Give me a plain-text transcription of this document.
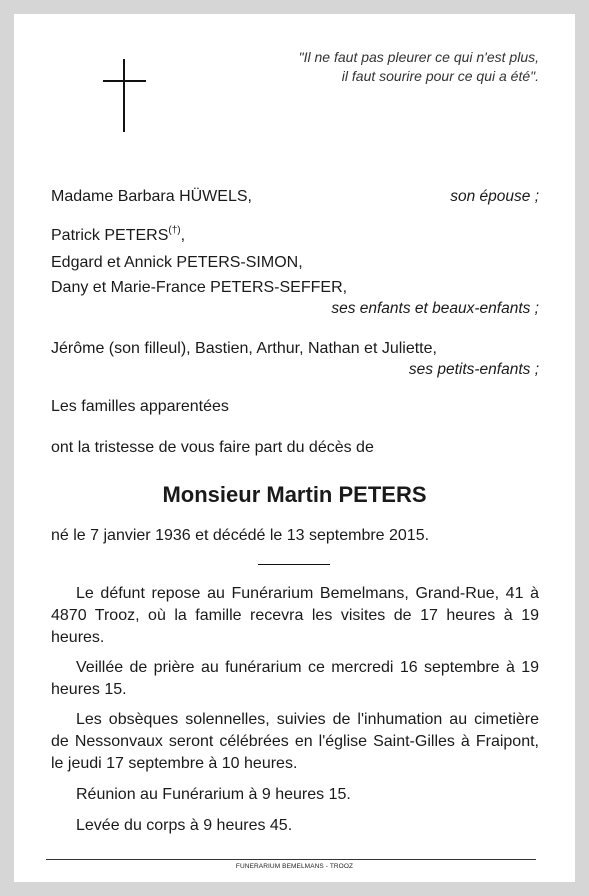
"Il ne faut pas pleurer ce qui n'est plus,
il faut sourire pour ce qui a été".
Madame Barbara HÜWELS,	son épouse ;
Patrick PETERS(†),
Edgard et Annick PETERS-SIMON,
Dany et Marie-France PETERS-SEFFER,
ses enfants et beaux-enfants ;
Jérôme (son filleul), Bastien, Arthur, Nathan et Juliette,
ses petits-enfants ;
Les familles apparentées
ont la tristesse de vous faire part du décès de
Monsieur Martin PETERS
né le 7 janvier 1936 et décédé le 13 septembre 2015.
Le défunt repose au Funérarium Bemelmans, Grand-Rue, 41 à 4870 Trooz, où la famille recevra les visites de 17 heures à 19 heures.
Veillée de prière au funérarium ce mercredi 16 septembre à 19 heures 15.
Les obsèques solennelles, suivies de l'inhumation au cimetière de Nessonvaux seront célébrées en l'église Saint-Gilles à Fraipont, le jeudi 17 septembre à 10 heures.
Réunion au Funérarium à 9 heures 15.
Levée du corps à 9 heures 45.
FUNERARIUM BEMELMANS - TROOZ
